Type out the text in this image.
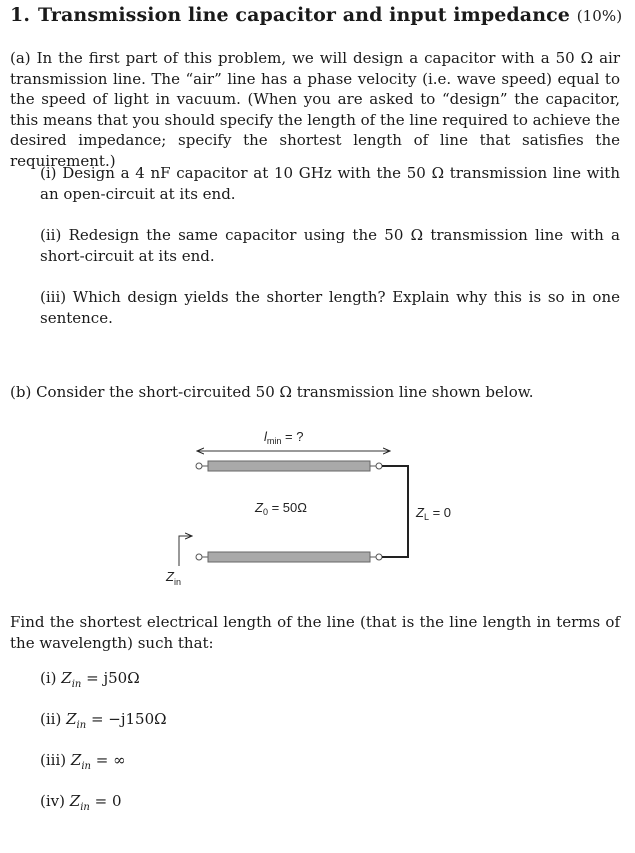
1. Transmission line capacitor and input impedance (10%)
(a) In the first part of this problem, we will design a capacitor with a 50 Ω air transmission line. The “air” line has a phase velocity (i.e. wave speed) equal to the speed of light in vacuum. (When you are asked to “design” the capacitor, this means that you should specify the length of the line required to achieve the desired impedance; specify the shortest length of line that satisfies the requirement.)
(i) Design a 4 nF capacitor at 10 GHz with the 50 Ω transmission line with an open-circuit at its end.
(ii) Redesign the same capacitor using the 50 Ω transmission line with a short-circuit at its end.
(iii) Which design yields the shorter length? Explain why this is so in one sentence.
(b) Consider the short-circuited 50 Ω transmission line shown below.
$l_{min}$ = ?
$Z_0 = 50\Omega$	$Z_L = 0$
$Z_{in}$
Find the shortest electrical length of the line (that is the line length in terms of the wavelength) such that:
(i) $Z_{in} = j50\Omega$
(ii) $Z_{in} = -j150\Omega$
(iii) $Z_{in}$ = ∞
(iv) $Z_{in} = 0$
